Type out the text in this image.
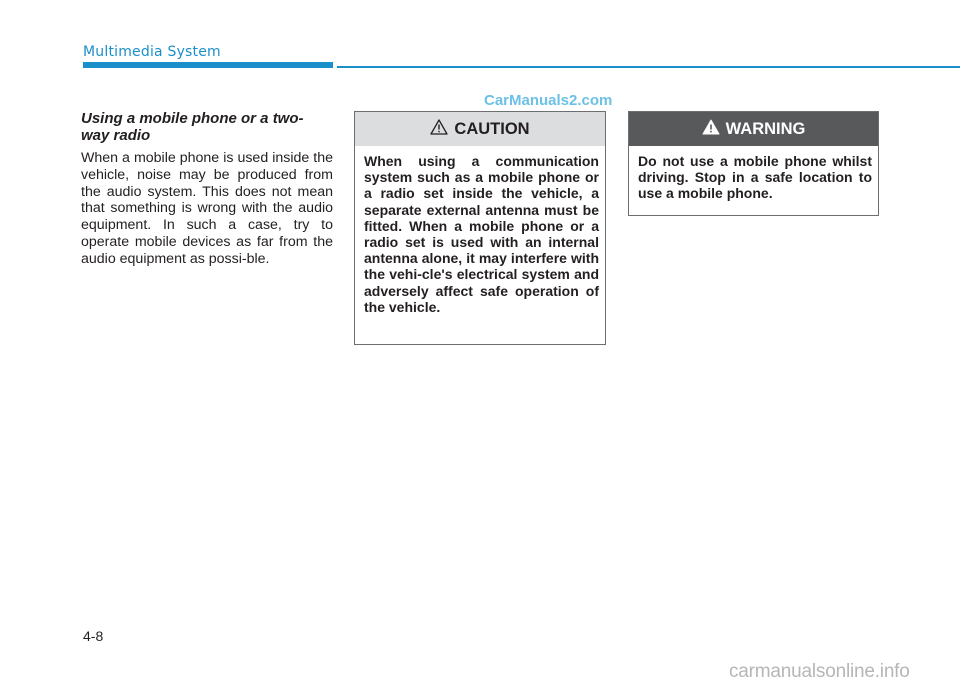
Multimedia System
CarManuals2.com
Using a mobile phone or a two-way radio
When a mobile phone is used inside the vehicle, noise may be produced from the audio system. This does not mean that something is wrong with the audio equipment. In such a case, try to operate mobile devices as far from the audio equipment as possi-ble.
CAUTION
When using a communication system such as a mobile phone or a radio set inside the vehicle, a separate external antenna must be fitted. When a mobile phone or a radio set is used with an internal antenna alone, it may interfere with the vehi-cle's electrical system and adversely affect safe operation of the vehicle.
WARNING
Do not use a mobile phone whilst driving. Stop in a safe location to use a mobile phone.
4-8
carmanualsonline.info
